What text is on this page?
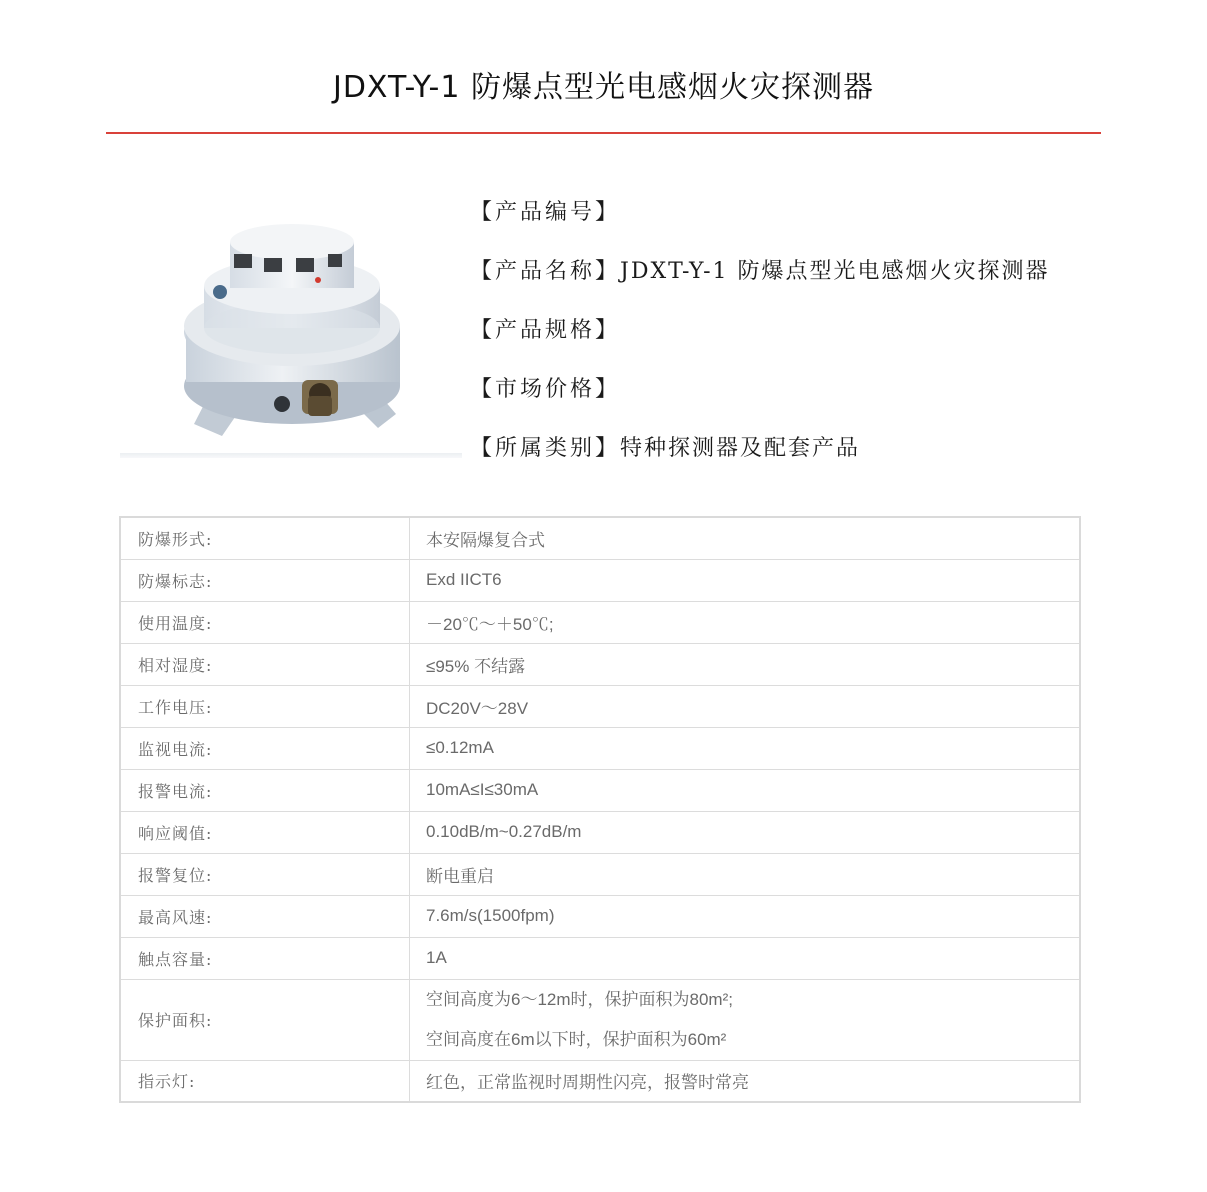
JDXT-Y-1 防爆点型光电感烟火灾探测器
【产品编号】
【产品名称】JDXT-Y-1 防爆点型光电感烟火灾探测器
【产品规格】
【市场价格】
【所属类别】特种探测器及配套产品
防爆形式:	本安隔爆复合式
防爆标志:	Exd IICT6
使用温度:	－20℃～＋50℃;
相对湿度:	≤95% 不结露
工作电压:	DC20V～28V
监视电流:	≤0.12mA
报警电流:	10mA≤I≤30mA
响应阈值:	0.10dB/m~0.27dB/m
报警复位:	断电重启
最高风速:	7.6m/s(1500fpm)
触点容量:	1A
保护面积:	空间高度为6～12m时，保护面积为80m²;
空间高度在6m以下时，保护面积为60m²

指示灯:	红色，正常监视时周期性闪亮，报警时常亮
